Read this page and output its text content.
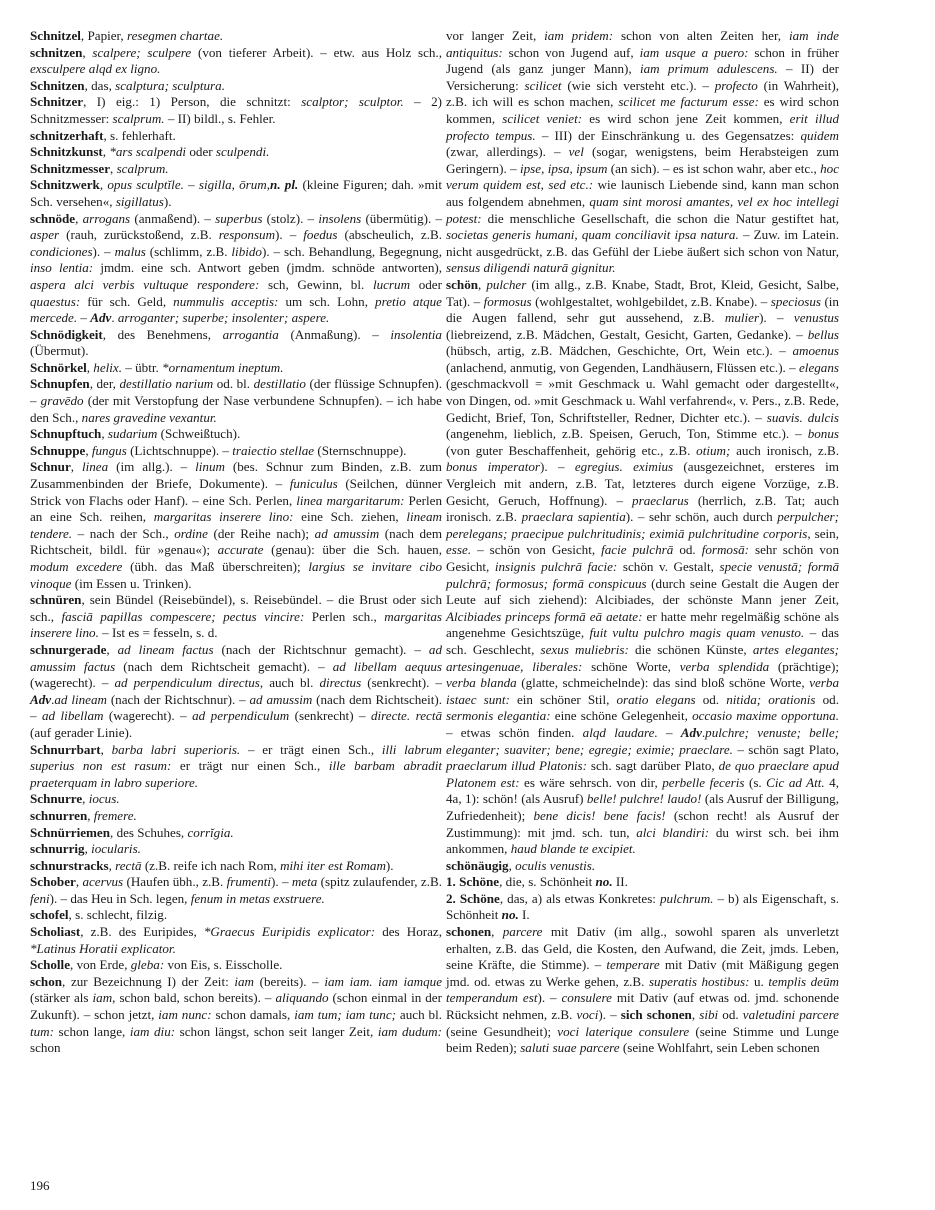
Schnitzel, Papier, resegmen chartae.

schnitzen, scalpere; sculpere (von tieferer Arbeit). – etw. aus Holz sch., exsculpere alqd ex ligno.

Schnitzen, das, scalptura; sculptura.

Schnitzer, I) eig.: 1) Person, die schnitzt: scalptor; sculptor. – 2) Schnitzmesser: scalprum. – II) bildl., s. Fehler.

schnitzerhaft, s. fehlerhaft.

Schnitzkunst, *ars scalpendi oder sculpendi.

Schnitzmesser, scalprum.

Schnitzwerk, opus sculptĭle. – sigilla, ōrum,n. pl. (kleine Figuren; dah. »mit Sch. versehen«, sigillatus).

schnöde, arrogans (anmaßend). – superbus (stolz). – insolens (übermütig). – asper (rauh, zurückstoßend, z.B. responsum). – foedus (abscheulich, z.B. condiciones). – malus (schlimm, z.B. libido). – sch. Behandlung, Begegnung, inso lentia: jmdm. eine sch. Antwort geben (jmdm. schnöde antworten), aspera alci verbis vultuque respondere: sch, Gewinn, bl. lucrum oder quaestus: für sch. Geld, nummulis acceptis: um sch. Lohn, pretio atque mercede. – Adv. arroganter; superbe; insolenter; aspere.

Schnödigkeit, des Benehmens, arrogantia (Anmaßung). – insolentia (Übermut).

Schnörkel, helix. – übtr. *ornamentum ineptum.

Schnupfen, der, destillatio narium od. bl. destillatio (der flüssige Schnupfen). – gravēdo (der mit Verstopfung der Nase verbundene Schnupfen). – ich habe den Sch., nares gravedine vexantur.

Schnupftuch, sudarium (Schweißtuch).

Schnuppe, fungus (Lichtschnuppe). – traiectio stellae (Sternschnuppe).

Schnur, linea (im allg.). – linum (bes. Schnur zum Binden, z.B. zum Zusammenbinden der Briefe, Dokumente). – funiculus (Seilchen, dünner Strick von Flachs oder Hanf). – eine Sch. Perlen, linea margaritarum: Perlen an eine Sch. reihen, margaritas inserere lino: eine Sch. ziehen, lineam tendere. – nach der Sch., ordine (der Reihe nach); ad amussim (nach dem Richtscheit, bildl. für »genau«); accurate (genau): über die Sch. hauen, modum excedere (übh. das Maß überschreiten); largius se invitare cibo vinoque (im Essen u. Trinken).

schnüren, sein Bündel (Reisebündel), s. Reisebündel. – die Brust oder sich sch., fasciā papillas compescere; pectus vincire: Perlen sch., margaritas inserere lino. – Ist es = fesseln, s. d.

schnurgerade, ad lineam factus (nach der Richtschnur gemacht). – ad amussim factus (nach dem Richtscheit gemacht). – ad libellam aequus (wagerecht). – ad perpendiculum directus, auch bl. directus (senkrecht). – Adv.ad lineam (nach der Richtschnur). – ad amussim (nach dem Richtscheit). – ad libellam (wagerecht). – ad perpendiculum (senkrecht) – directe. rectā (auf gerader Linie).

Schnurrbart, barba labri superioris. – er trägt einen Sch., illi labrum superius non est rasum: er trägt nur einen Sch., ille barbam abradit praeterquam in labro superiore.

Schnurre, iocus.

schnurren, fremere.

Schnürriemen, des Schuhes, corrĭgia.

schnurrig, iocularis.

schnurstracks, rectā (z.B. reife ich nach Rom, mihi iter est Romam).

Schober, acervus (Haufen übh., z.B. frumenti). – meta (spitz zulaufender, z.B. feni). – das Heu in Sch. legen, fenum in metas exstruere.

schofel, s. schlecht, filzig.

Scholiast, z.B. des Euripides, *Graecus Euripidis explicator: des Horaz, *Latinus Horatii explicator.

Scholle, von Erde, gleba: von Eis, s. Eisscholle.

schon, zur Bezeichnung I) der Zeit: iam (bereits). – iam iam. iam iamque (stärker als iam, schon bald, schon bereits). – aliquando (schon einmal in der Zukunft). – schon jetzt, iam nunc: schon damals, iam tum; iam tunc; auch bl. tum: schon lange, iam diu: schon längst, schon seit langer Zeit, iam dudum: schon

vor langer Zeit, iam pridem: schon von alten Zeiten her, iam inde antiquitus: schon von Jugend auf, iam usque a puero: schon in früher Jugend (als ganz junger Mann), iam primum adulescens. – II) der Versicherung: scilicet (wie sich versteht etc.). – profecto (in Wahrheit), z.B. ich will es schon machen, scilicet me facturum esse: es wird schon kommen, scilicet veniet: es wird schon jene Zeit kommen, erit illud profecto tempus. – III) der Einschränkung u. des Gegensatzes: quidem (zwar, allerdings). – vel (sogar, wenigstens, beim Herabsteigen zum Geringern). – ipse, ipsa, ipsum (an sich). – es ist schon wahr, aber etc., hoc verum quidem est, sed etc.: wie launisch Liebende sind, kann man schon aus folgendem abnehmen, quam sint morosi amantes, vel ex hoc intellegi potest: die menschliche Gesellschaft, die schon die Natur gestiftet hat, societas generis humani, quam conciliavit ipsa natura. – Zuw. im Latein. nicht ausgedrückt, z.B. das Gefühl der Liebe äußert sich schon von Natur, sensus diligendi naturā gignitur.

schön, pulcher (im allg., z.B. Knabe, Stadt, Brot, Kleid, Gesicht, Salbe, Tat). – formosus (wohlgestaltet, wohlgebildet, z.B. Knabe). – speciosus (in die Augen fallend, sehr gut aussehend, z.B. mulier). – venustus (liebreizend, z.B. Mädchen, Gestalt, Gesicht, Garten, Gedanke). – bellus (hübsch, artig, z.B. Mädchen, Geschichte, Ort, Wein etc.). – amoenus (anlachend, anmutig, von Gegenden, Landhäusern, Flüssen etc.). – elegans (geschmackvoll = »mit Geschmack u. Wahl gemacht oder dargestellt«, von Dingen, od. »mit Geschmack u. Wahl verfahrend«, v. Pers., z.B. Rede, Gedicht, Brief, Ton, Schriftsteller, Redner, Dichter etc.). – suavis. dulcis (angenehm, lieblich, z.B. Speisen, Geruch, Ton, Stimme etc.). – bonus (von guter Beschaffenheit, gehörig etc., z.B. otium; auch ironisch, z.B. bonus imperator). – egregius. eximius (ausgezeichnet, ersteres im Vergleich mit andern, z.B. Tat, letzteres durch eigene Vorzüge, z.B. Gesicht, Geruch, Hoffnung). – praeclarus (herrlich, z.B. Tat; auch ironisch. z.B. praeclara sapientia). – sehr schön, auch durch perpulcher; perelegans; praecipue pulchritudinis; eximiā pulchritudine corporis, sein, esse. – schön von Gesicht, facie pulchrā od. formosā: sehr schön von Gesicht, insignis pulchrā facie: schön v. Gestalt, specie venustā; formā pulchrā; formosus; formā conspicuus (durch seine Gestalt die Augen der Leute auf sich ziehend): Alcibiades, der schönste Mann jener Zeit, Alcibiades princeps formā eā aetate: er hatte mehr regelmäßig schöne als angenehme Gesichtszüge, fuit vultu pulchro magis quam venusto. – das sch. Geschlecht, sexus muliebris: die schönen Künste, artes elegantes; artesingenuae, liberales: schöne Worte, verba splendida (prächtige); verba blanda (glatte, schmeichelnde): das sind bloß schöne Worte, verba istaec sunt: ein schöner Stil, oratio elegans od. nitida; orationis od. sermonis elegantia: eine schöne Gelegenheit, occasio maxime opportuna. – etwas schön finden. alqd laudare. – Adv.pulchre; venuste; belle; eleganter; suaviter; bene; egregie; eximie; praeclare. – schön sagt Plato, praeclarum illud Platonis: sch. sagt darüber Plato, de quo praeclare apud Platonem est: es wäre sehrsch. von dir, perbelle feceris (s. Cic ad Att. 4, 4a, 1): schön! (als Ausruf) belle! pulchre! laudo! (als Ausruf der Billigung, Zufriedenheit); bene dicis! bene facis! (schon recht! als Ausruf der Zustimmung): mit jmd. sch. tun, alci blandiri: du wirst sch. bei ihm ankommen, haud blande te excipiet.

schönäugig, oculis venustis.

1. Schöne, die, s. Schönheit no. II.

2. Schöne, das, a) als etwas Konkretes: pulchrum. – b) als Eigenschaft, s. Schönheit no. I.

schonen, parcere mit Dativ (im allg., sowohl sparen als unverletzt erhalten, z.B. das Geld, die Kosten, den Aufwand, die Zeit, jmds. Leben, seine Kräfte, die Stimme). – temperare mit Dativ (mit Mäßigung gegen jmd. od. etwas zu Werke gehen, z.B. superatis hostibus: u. templis deūm temperandum est). – consulere mit Dativ (auf etwas od. jmd. schonende Rücksicht nehmen, z.B. voci). – sich schonen, sibi od. valetudini parcere (seine Gesundheit); voci laterique consulere (seine Stimme und Lunge beim Reden); saluti suae parcere (seine Wohlfahrt, sein Leben schonen

196
